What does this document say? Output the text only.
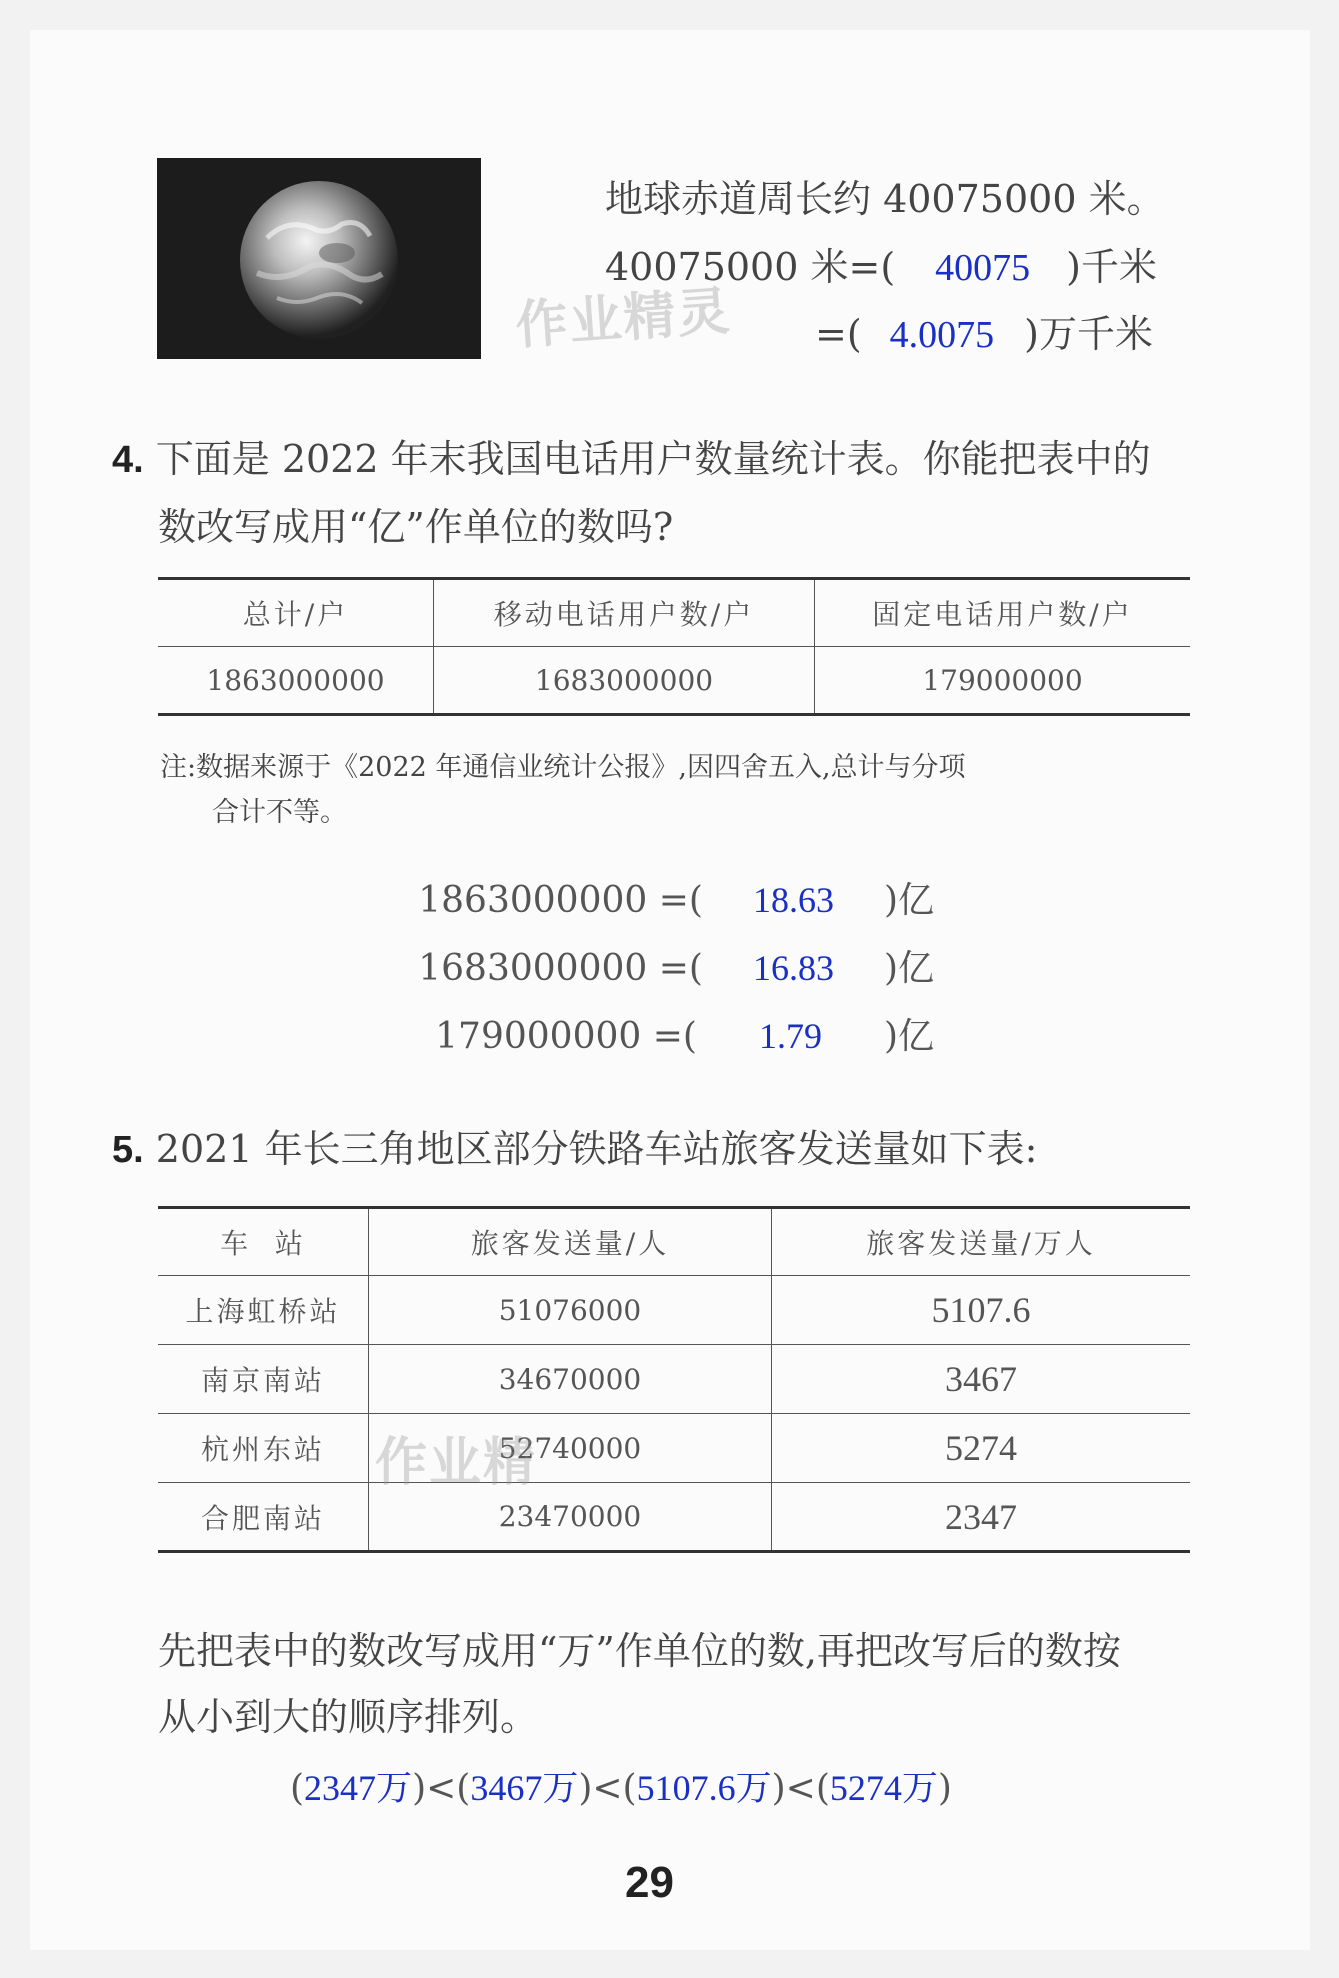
地球赤道周长约 40075000 米。
40075000 米=( 40075 )千米
=( 4.0075 )万千米
作业精灵
4. 下面是 2022 年末我国电话用户数量统计表。你能把表中的
数改写成用“亿”作单位的数吗?
总计/户	移动电话用户数/户	固定电话用户数/户
1863000000	1683000000	179000000
注:数据来源于《2022 年通信业统计公报》,因四舍五入,总计与分项
合计不等。
1863000000 =( 18.63 )亿
1683000000 =( 16.83 )亿
179000000 =( 1.79 )亿
5. 2021 年长三角地区部分铁路车站旅客发送量如下表:
车  站	旅客发送量/人	旅客发送量/万人
上海虹桥站	51076000	5107.6
南京南站	34670000	3467
杭州东站	52740000	5274
合肥南站	23470000	2347
作业精
先把表中的数改写成用“万”作单位的数,再把改写后的数按
从小到大的顺序排列。
(2347万)<(3467万)<(5107.6万)<(5274万)
29
